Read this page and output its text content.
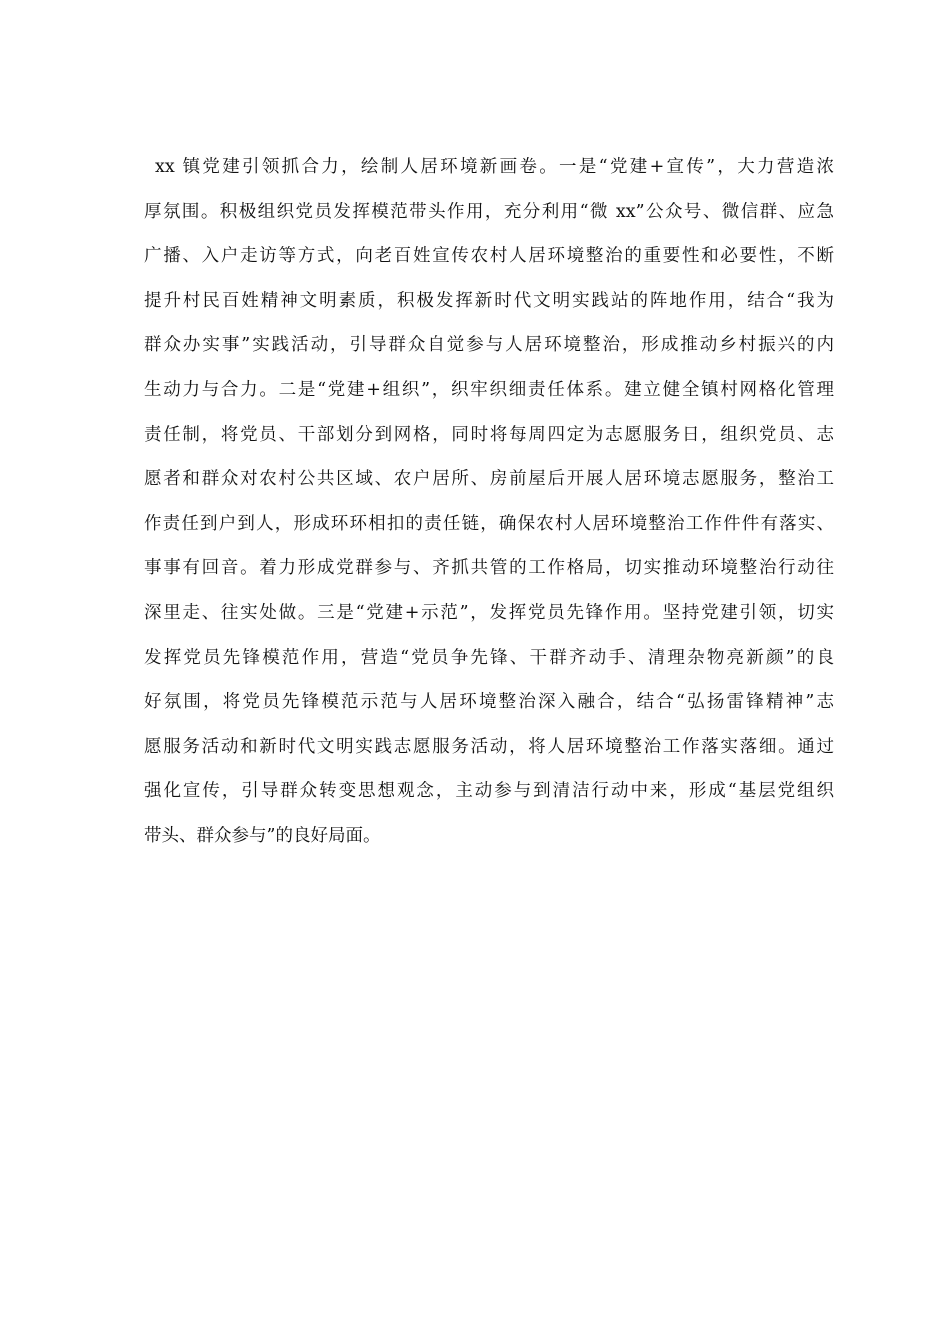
xx 镇党建引领抓合力，绘制人居环境新画卷。一是“党建+宣传”，大力营造浓
厚氛围。积极组织党员发挥模范带头作用，充分利用“微 xx”公众号、微信群、应急
广播、入户走访等方式，向老百姓宣传农村人居环境整治的重要性和必要性，不断
提升村民百姓精神文明素质，积极发挥新时代文明实践站的阵地作用，结合“我为
群众办实事”实践活动，引导群众自觉参与人居环境整治，形成推动乡村振兴的内
生动力与合力。二是“党建+组织”，织牢织细责任体系。建立健全镇村网格化管理
责任制，将党员、干部划分到网格，同时将每周四定为志愿服务日，组织党员、志
愿者和群众对农村公共区域、农户居所、房前屋后开展人居环境志愿服务，整治工
作责任到户到人，形成环环相扣的责任链，确保农村人居环境整治工作件件有落实、
事事有回音。着力形成党群参与、齐抓共管的工作格局，切实推动环境整治行动往
深里走、往实处做。三是“党建+示范”，发挥党员先锋作用。坚持党建引领，切实
发挥党员先锋模范作用，营造“党员争先锋、干群齐动手、清理杂物亮新颜”的良
好氛围，将党员先锋模范示范与人居环境整治深入融合，结合“弘扬雷锋精神”志
愿服务活动和新时代文明实践志愿服务活动，将人居环境整治工作落实落细。通过
强化宣传，引导群众转变思想观念，主动参与到清洁行动中来，形成“基层党组织
带头、群众参与”的良好局面。
